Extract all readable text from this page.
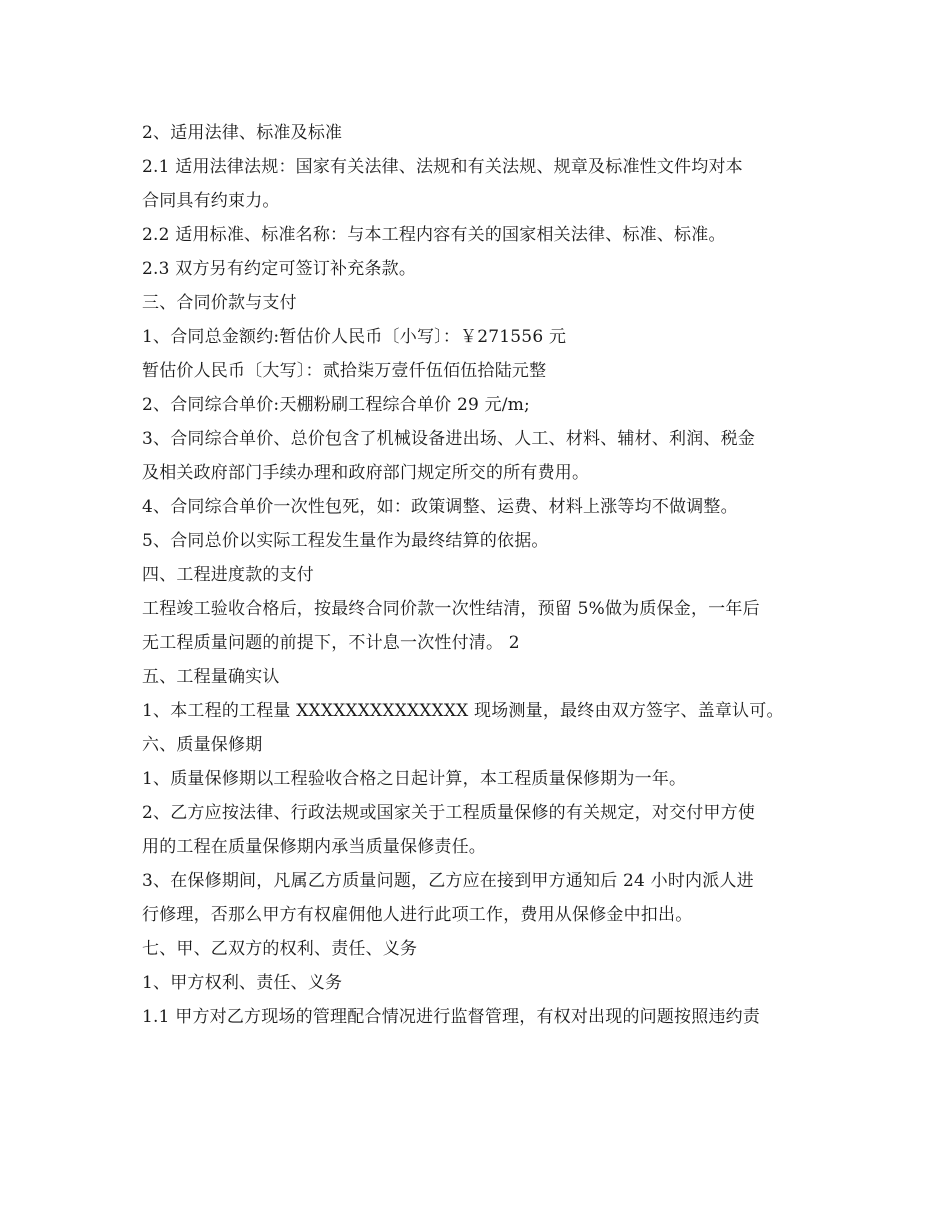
2、适用法律、标准及标准
2.1 适用法律法规：国家有关法律、法规和有关法规、规章及标准性文件均对本
合同具有约束力。
2.2 适用标准、标准名称：与本工程内容有关的国家相关法律、标准、标准。
2.3 双方另有约定可签订补充条款。
三、合同价款与支付
1、合同总金额约:暂估价人民币〔小写〕：￥271556 元
暂估价人民币〔大写〕：贰拾柒万壹仟伍佰伍拾陆元整
2、合同综合单价:天棚粉刷工程综合单价 29 元/m;
3、合同综合单价、总价包含了机械设备进出场、人工、材料、辅材、利润、税金
及相关政府部门手续办理和政府部门规定所交的所有费用。
4、合同综合单价一次性包死，如：政策调整、运费、材料上涨等均不做调整。
5、合同总价以实际工程发生量作为最终结算的依据。
四、工程进度款的支付
工程竣工验收合格后，按最终合同价款一次性结清，预留 5%做为质保金，一年后
无工程质量问题的前提下，不计息一次性付清。 2
五、工程量确实认
1、本工程的工程量 XXXXXXXXXXXXXX 现场测量，最终由双方签字、盖章认可。
六、质量保修期
1、质量保修期以工程验收合格之日起计算，本工程质量保修期为一年。
2、乙方应按法律、行政法规或国家关于工程质量保修的有关规定，对交付甲方使
用的工程在质量保修期内承当质量保修责任。
3、在保修期间，凡属乙方质量问题，乙方应在接到甲方通知后 24 小时内派人进
行修理，否那么甲方有权雇佣他人进行此项工作，费用从保修金中扣出。
七、甲、乙双方的权利、责任、义务
1、甲方权利、责任、义务
1.1 甲方对乙方现场的管理配合情况进行监督管理，有权对出现的问题按照违约责
